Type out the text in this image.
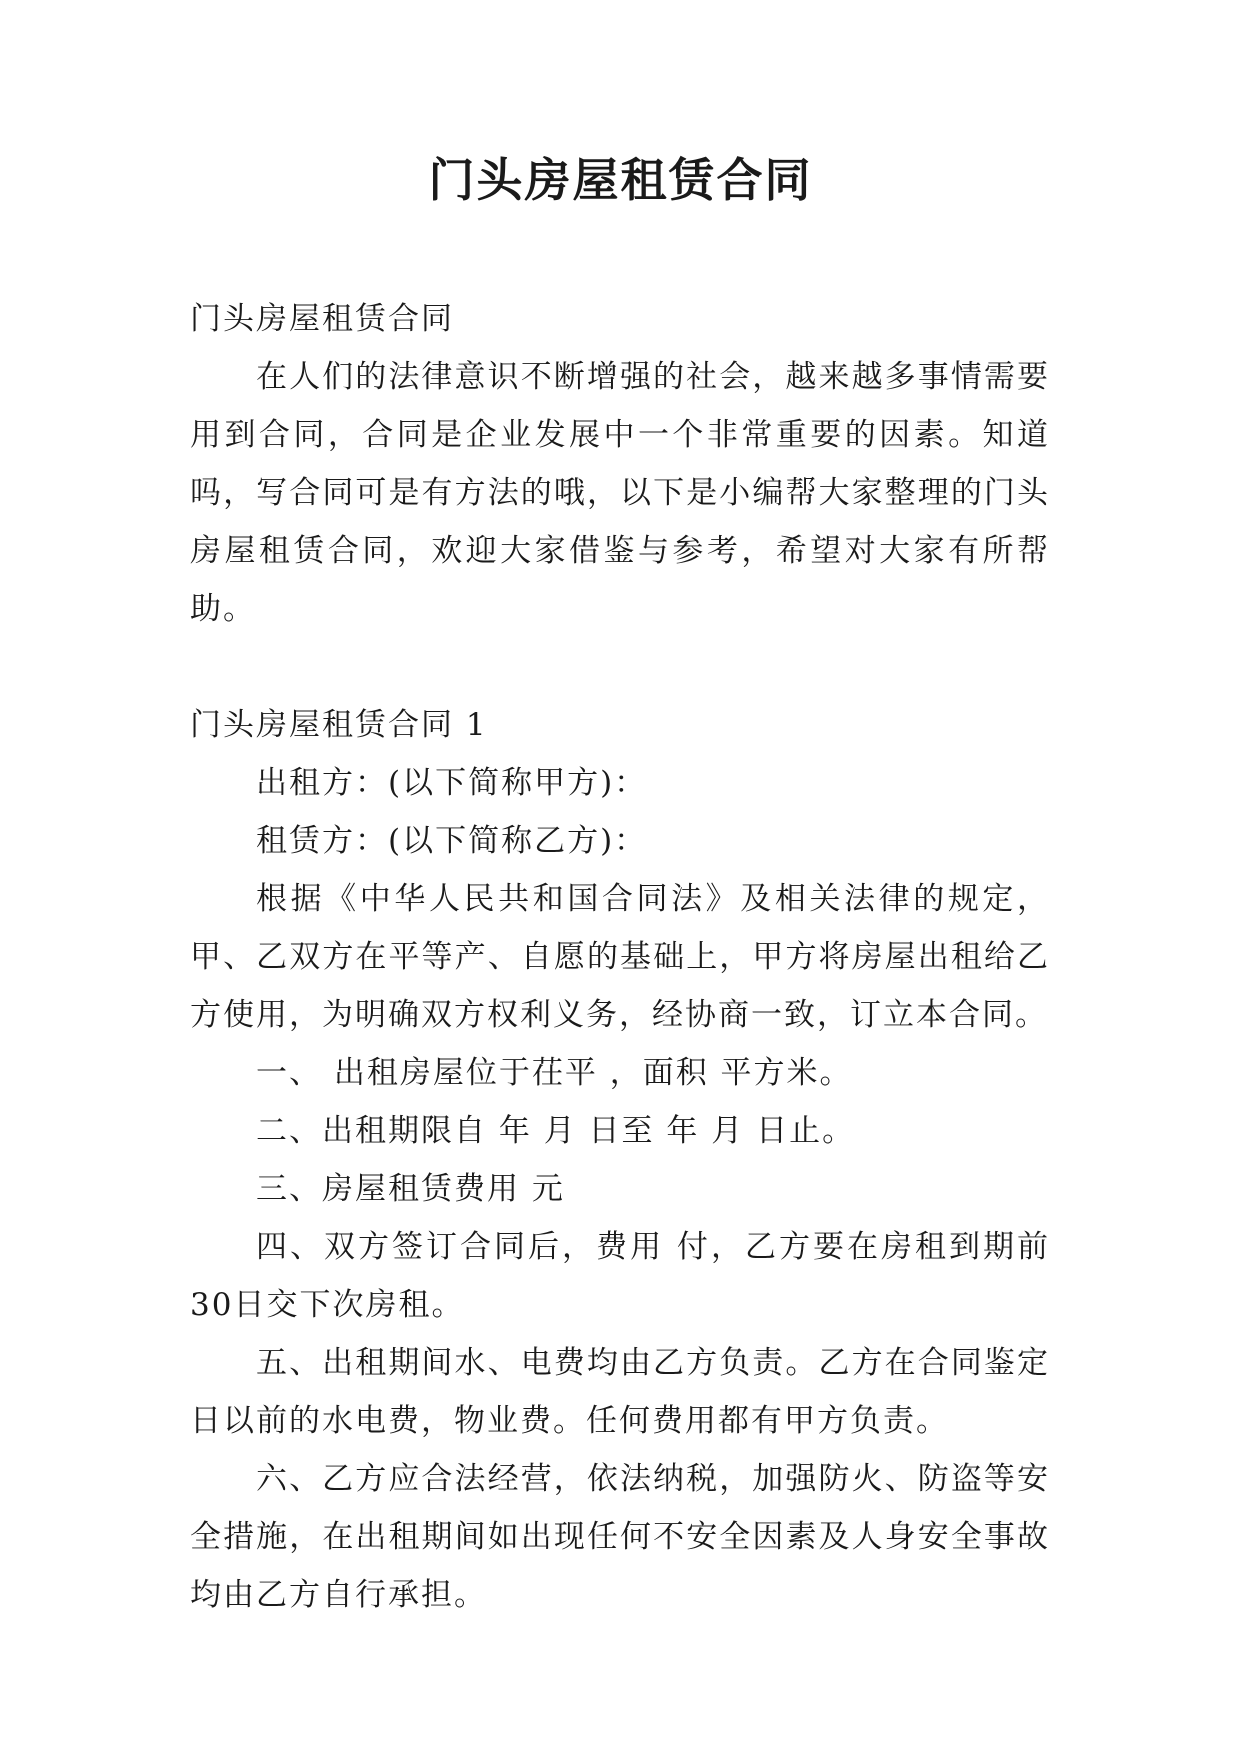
门头房屋租赁合同

门头房屋租赁合同

在人们的法律意识不断增强的社会，越来越多事情需要用到合同，合同是企业发展中一个非常重要的因素。知道吗，写合同可是有方法的哦，以下是小编帮大家整理的门头房屋租赁合同，欢迎大家借鉴与参考，希望对大家有所帮助。

门头房屋租赁合同 1

出租方：(以下简称甲方)：

租赁方：(以下简称乙方)：

根据《中华人民共和国合同法》及相关法律的规定，甲、乙双方在平等产、自愿的基础上，甲方将房屋出租给乙方使用，为明确双方权利义务，经协商一致，订立本合同。

一、 出租房屋位于茌平 ，面积 平方米。

二、出租期限自 年 月 日至 年 月 日止。

三、房屋租赁费用 元

四、双方签订合同后，费用 付，乙方要在房租到期前30日交下次房租。

五、出租期间水、电费均由乙方负责。乙方在合同鉴定日以前的水电费，物业费。任何费用都有甲方负责。

六、乙方应合法经营，依法纳税，加强防火、防盗等安全措施，在出租期间如出现任何不安全因素及人身安全事故均由乙方自行承担。
